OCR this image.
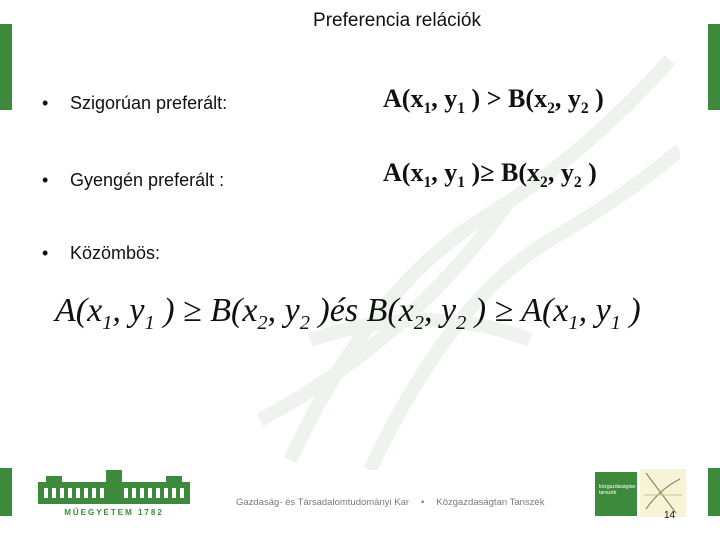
Preferencia relációk
• Szigorúan preferált:
• Gyengén preferált :
• Közömbös:
$A(x_1$, $y_1$ ) > $B(x_2$, $y_2$ )
$A(x_1$, $y_1$ )≥ $B(x_2$, $y_2$ )
$A(x_1$, $y_1$ ) ≥ $B(x_2$, $y_2$ )és $B(x_2$, $y_2$ ) ≥ $A(x_1$, $y_1$ )
MŰEGYETEM 1782
Gazdaság- és Társadalomtudományi Kar • Közgazdaságtan Tanszék
közgazdaságtan tanszék
14
